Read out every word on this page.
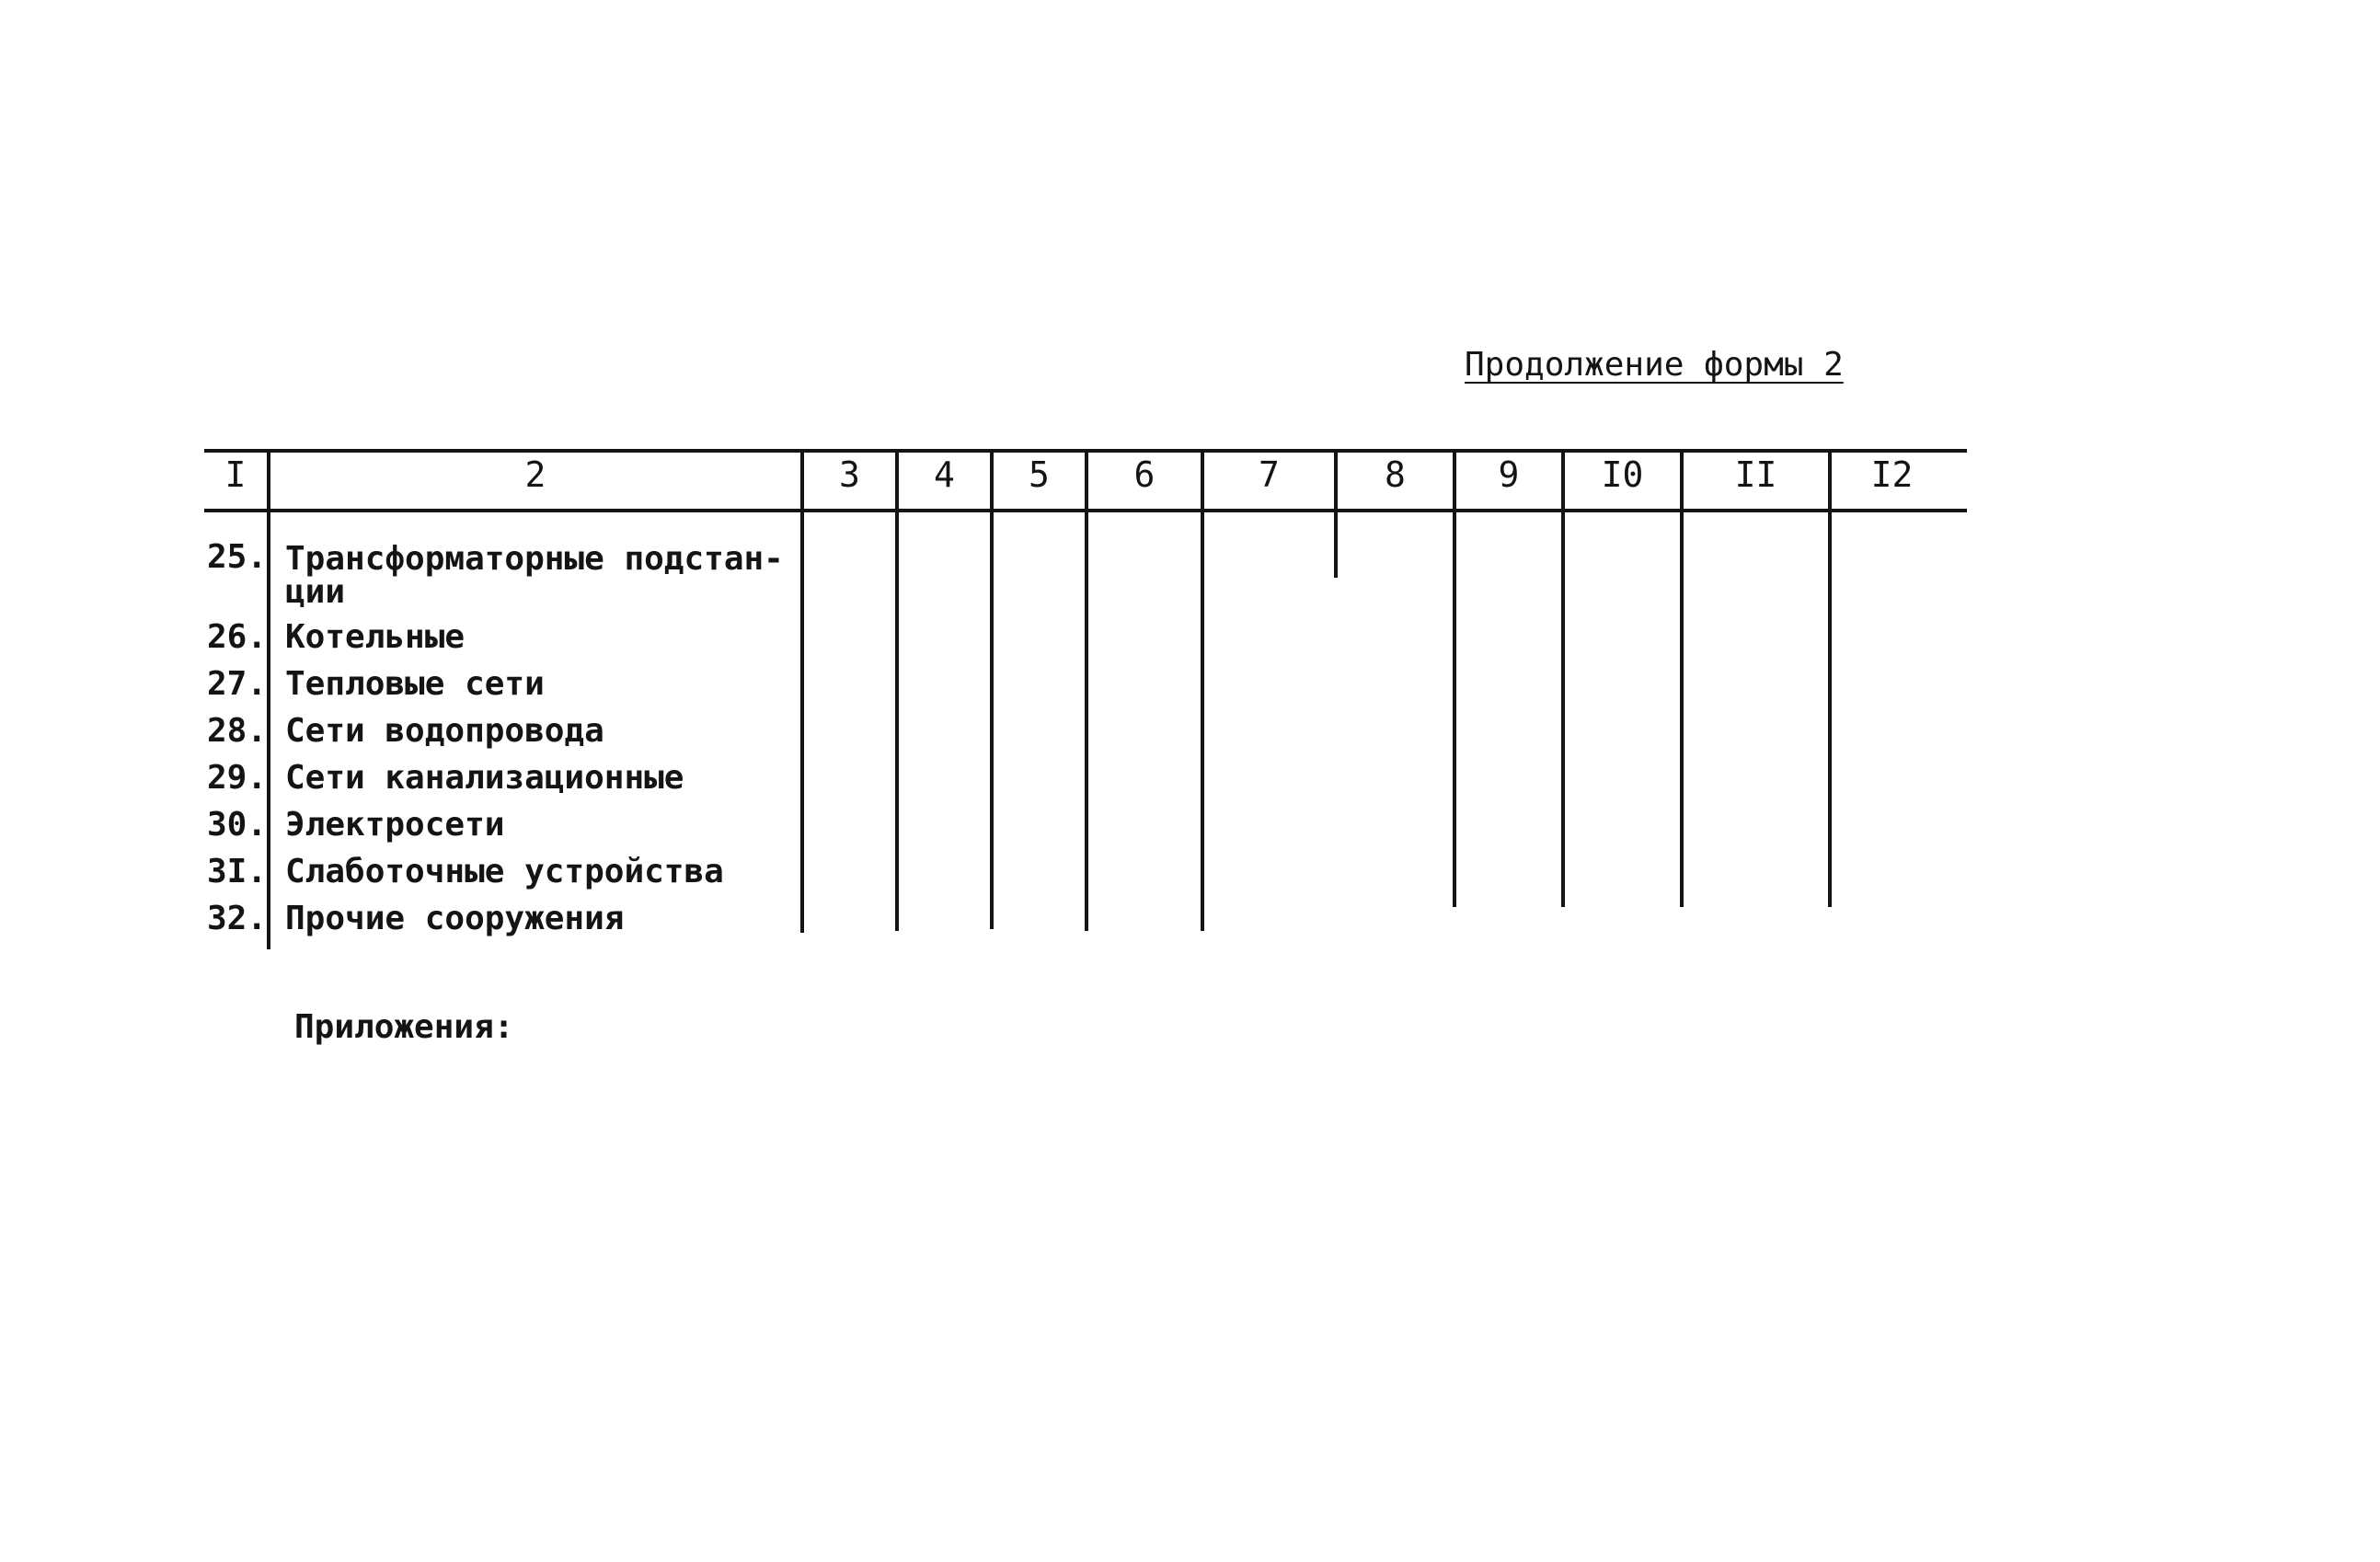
Продолжение формы 2
I	2	3	4	5	6	7	8	9	I0	II	I2
25. Трансформаторные подстан-
ции
26. Котельные
27. Тепловые сети
28. Сети водопровода
29. Сети канализационные
30. Электросети
3I. Слаботочные устройства
32. Прочие сооружения
Приложения:
